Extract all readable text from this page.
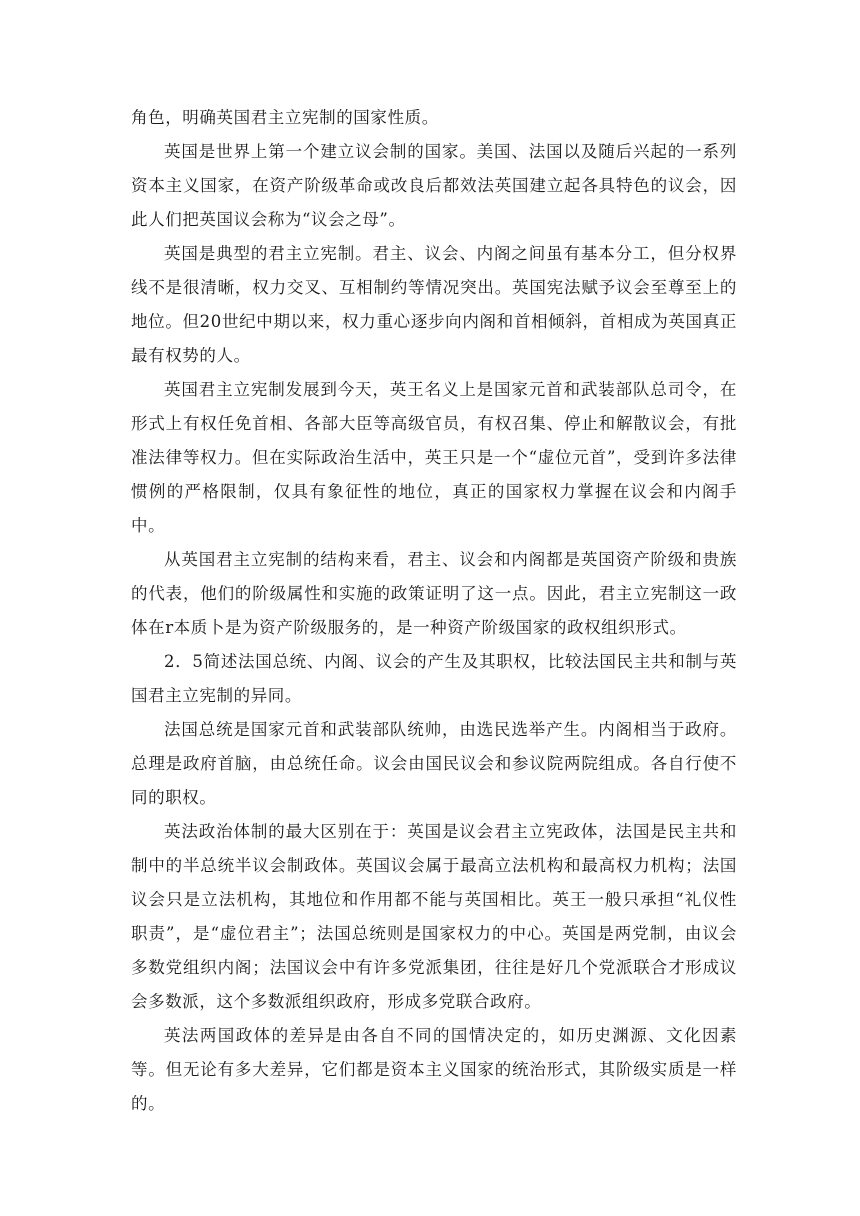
角色，明确英国君主立宪制的国家性质。

英国是世界上第一个建立议会制的国家。美国、法国以及随后兴起的一系列资本主义国家，在资产阶级革命或改良后都效法英国建立起各具特色的议会，因此人们把英国议会称为“议会之母”。

英国是典型的君主立宪制。君主、议会、内阁之间虽有基本分工，但分权界线不是很清晰，权力交叉、互相制约等情况突出。英国宪法赋予议会至尊至上的地位。但20世纪中期以来，权力重心逐步向内阁和首相倾斜，首相成为英国真正最有权势的人。

英国君主立宪制发展到今天，英王名义上是国家元首和武装部队总司令，在形式上有权任免首相、各部大臣等高级官员，有权召集、停止和解散议会，有批准法律等权力。但在实际政治生活中，英王只是一个“虚位元首”，受到许多法律惯例的严格限制，仅具有象征性的地位，真正的国家权力掌握在议会和内阁手中。

从英国君主立宪制的结构来看，君主、议会和内阁都是英国资产阶级和贵族的代表，他们的阶级属性和实施的政策证明了这一点。因此，君主立宪制这一政体在r本质卜是为资产阶级服务的，是一种资产阶级国家的政权组织形式。

2．5简述法国总统、内阁、议会的产生及其职权，比较法国民主共和制与英国君主立宪制的异同。

法国总统是国家元首和武装部队统帅，由选民选举产生。内阁相当于政府。总理是政府首脑，由总统任命。议会由国民议会和参议院两院组成。各自行使不同的职权。

英法政治体制的最大区别在于：英国是议会君主立宪政体，法国是民主共和制中的半总统半议会制政体。英国议会属于最高立法机构和最高权力机构；法国议会只是立法机构，其地位和作用都不能与英国相比。英王一般只承担“礼仪性职责”，是“虚位君主”；法国总统则是国家权力的中心。英国是两党制，由议会多数党组织内阁；法国议会中有许多党派集团，往往是好几个党派联合才形成议会多数派，这个多数派组织政府，形成多党联合政府。

英法两国政体的差异是由各自不同的国情决定的，如历史渊源、文化因素等。但无论有多大差异，它们都是资本主义国家的统治形式，其阶级实质是一样的。
